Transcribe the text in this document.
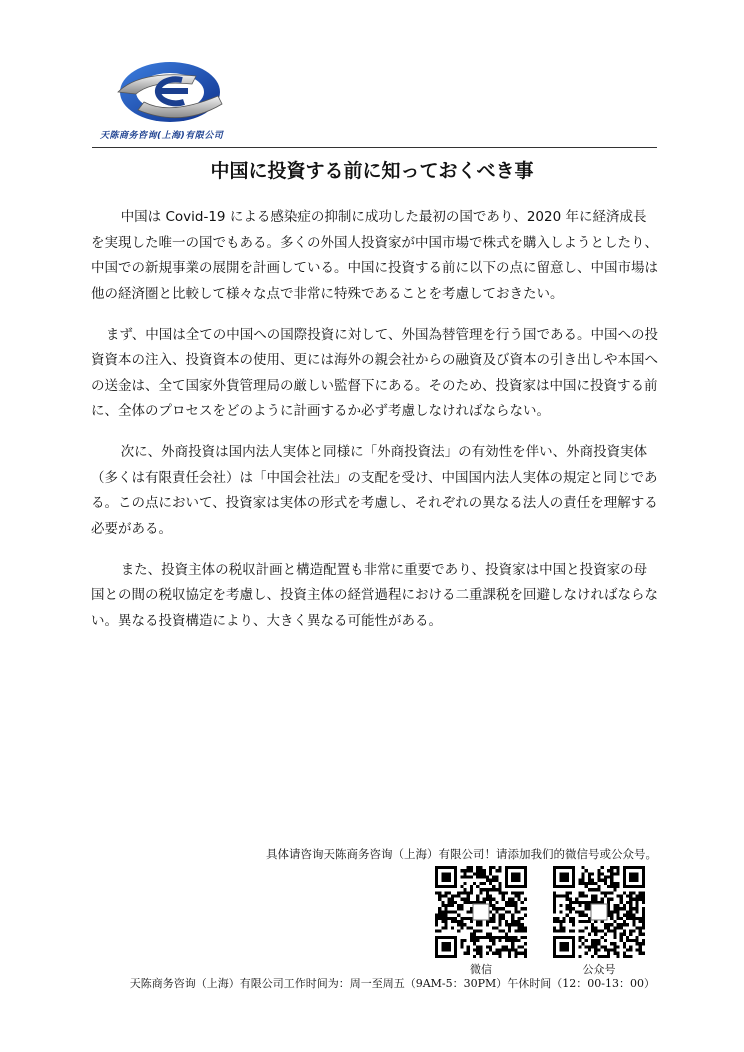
天陈商务咨询(上海)有限公司
中国に投資する前に知っておくべき事

中国は Covid-19 による感染症の抑制に成功した最初の国であり、2020 年に経済成長を実現した唯一の国でもある。多くの外国人投資家が中国市場で株式を購入しようとしたり、中国での新規事業の展開を計画している。中国に投資する前に以下の点に留意し、中国市場は他の経済圏と比較して様々な点で非常に特殊であることを考慮しておきたい。

まず、中国は全ての中国への国際投資に対して、外国為替管理を行う国である。中国への投資資本の注入、投資資本の使用、更には海外の親会社からの融資及び資本の引き出しや本国への送金は、全て国家外貨管理局の厳しい監督下にある。そのため、投資家は中国に投資する前に、全体のプロセスをどのように計画するか必ず考慮しなければならない。

次に、外商投資は国内法人実体と同様に「外商投資法」の有効性を伴い、外商投資実体（多くは有限責任会社）は「中国会社法」の支配を受け、中国国内法人実体の規定と同じである。この点において、投資家は実体の形式を考慮し、それぞれの異なる法人の責任を理解する必要がある。

また、投資主体の税収計画と構造配置も非常に重要であり、投資家は中国と投資家の母国との間の税収協定を考慮し、投資主体の経営過程における二重課税を回避しなければならない。異なる投資構造により、大きく異なる可能性がある。

具体请咨询天陈商务咨询（上海）有限公司！请添加我们的微信号或公众号。
微信	公众号
天陈商务咨询（上海）有限公司工作时间为：周一至周五（9AM-5：30PM）午休时间（12：00-13：00）
